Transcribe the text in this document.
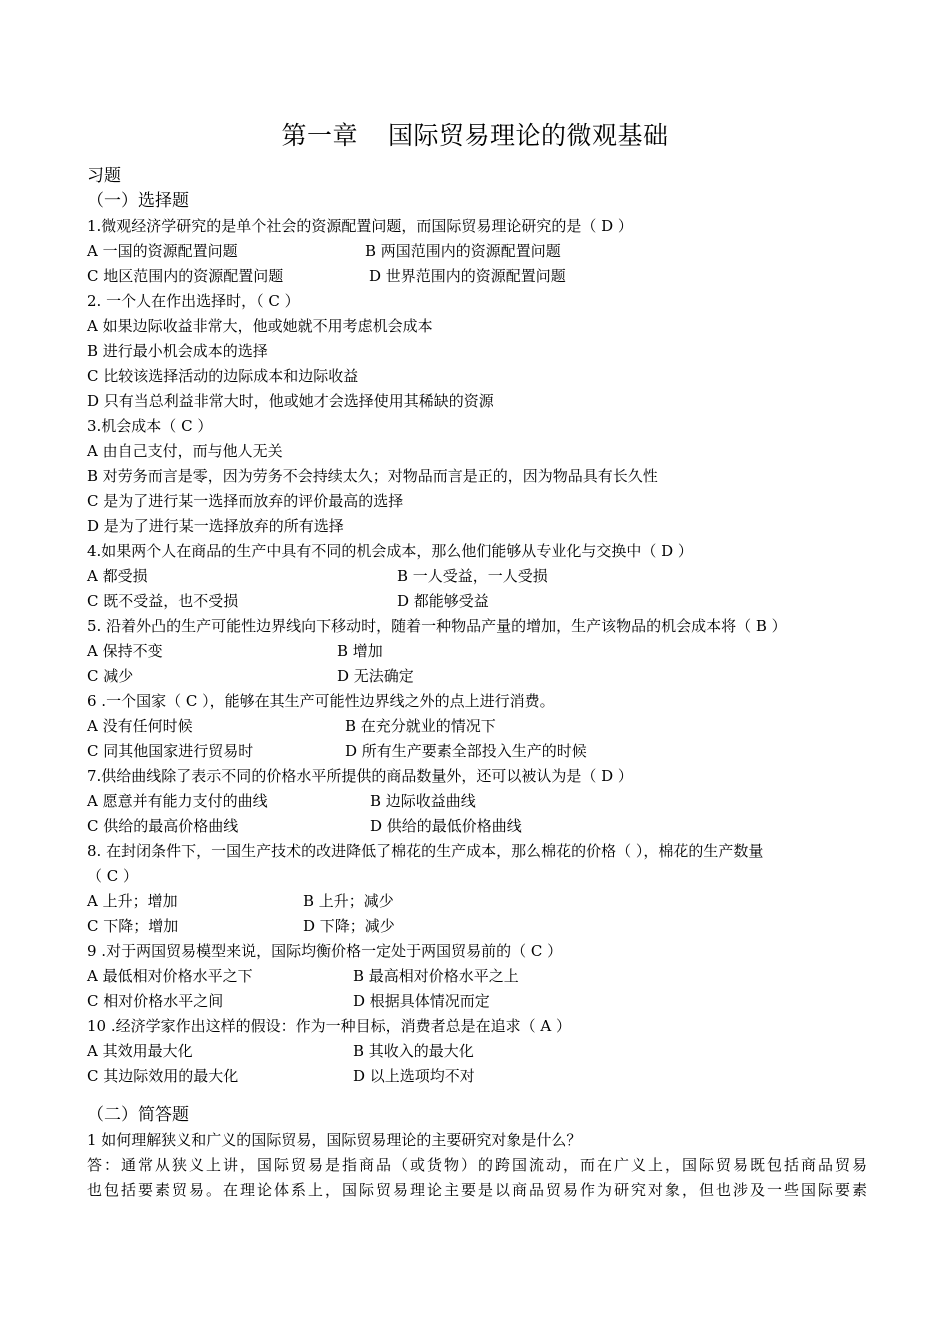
第一章 国际贸易理论的微观基础
习题
（一）选择题
1.微观经济学研究的是单个社会的资源配置问题，而国际贸易理论研究的是（ D ）
A 一国的资源配置问题	B 两国范围内的资源配置问题
C 地区范围内的资源配置问题	D 世界范围内的资源配置问题
2. 一个人在作出选择时，（ C ）
A 如果边际收益非常大，他或她就不用考虑机会成本
B 进行最小机会成本的选择
C 比较该选择活动的边际成本和边际收益
D 只有当总利益非常大时，他或她才会选择使用其稀缺的资源
3.机会成本（ C ）
A 由自己支付，而与他人无关
B 对劳务而言是零，因为劳务不会持续太久；对物品而言是正的，因为物品具有长久性
C 是为了进行某一选择而放弃的评价最高的选择
D 是为了进行某一选择放弃的所有选择
4.如果两个人在商品的生产中具有不同的机会成本，那么他们能够从专业化与交换中（ D ）
A 都受损	B 一人受益，一人受损
C 既不受益，也不受损	D 都能够受益
5. 沿着外凸的生产可能性边界线向下移动时，随着一种物品产量的增加，生产该物品的机会成本将（ B ）
A 保持不变	B 增加
C 减少	D 无法确定
6 .一个国家（ C ），能够在其生产可能性边界线之外的点上进行消费。
A 没有任何时候	B 在充分就业的情况下
C 同其他国家进行贸易时	D 所有生产要素全部投入生产的时候
7.供给曲线除了表示不同的价格水平所提供的商品数量外，还可以被认为是（ D ）
A 愿意并有能力支付的曲线	B 边际收益曲线
C 供给的最高价格曲线	D 供给的最低价格曲线
8. 在封闭条件下，一国生产技术的改进降低了棉花的生产成本，那么棉花的价格（ ），棉花的生产数量
（ C ）
A 上升；增加	B 上升；减少
C 下降；增加	D 下降；减少
9 .对于两国贸易模型来说，国际均衡价格一定处于两国贸易前的（ C ）
A 最低相对价格水平之下	B 最高相对价格水平之上
C 相对价格水平之间	D 根据具体情况而定
10 .经济学家作出这样的假设：作为一种目标，消费者总是在追求（ A ）
A 其效用最大化	B 其收入的最大化
C 其边际效用的最大化	D 以上选项均不对
（二）简答题
1 如何理解狭义和广义的国际贸易，国际贸易理论的主要研究对象是什么？
答：通常从狭义上讲，国际贸易是指商品（或货物）的跨国流动，而在广义上，国际贸易既包括商品贸易
也包括要素贸易。在理论体系上，国际贸易理论主要是以商品贸易作为研究对象，但也涉及一些国际要素
